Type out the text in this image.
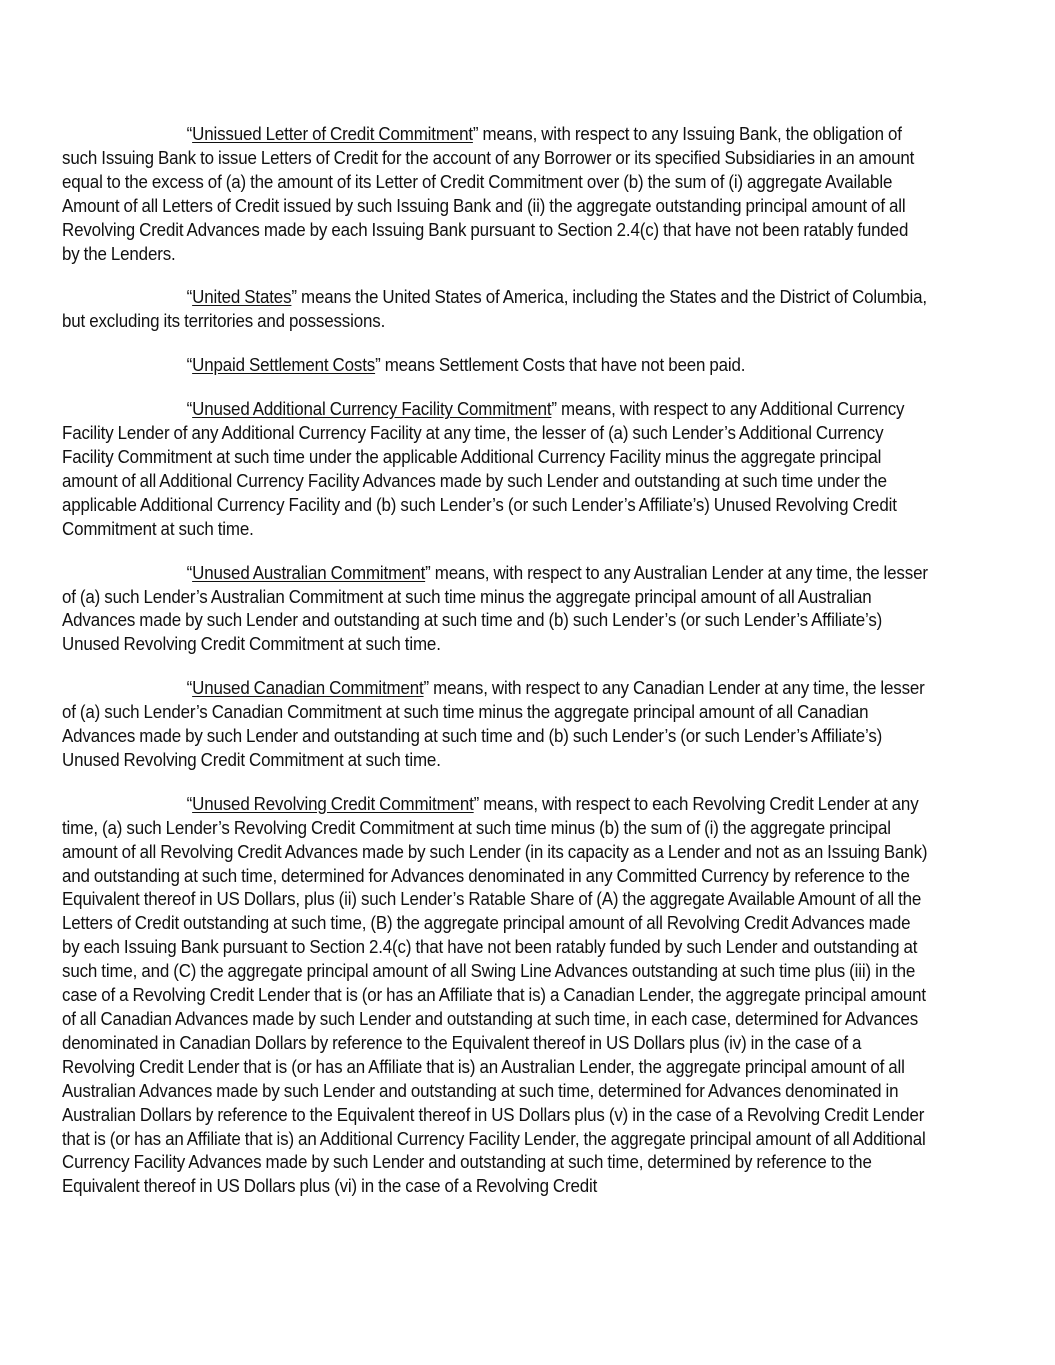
“Unissued Letter of Credit Commitment” means, with respect to any Issuing Bank, the obligation of such Issuing Bank to issue Letters of Credit for the account of any Borrower or its specified Subsidiaries in an amount equal to the excess of (a) the amount of its Letter of Credit Commitment over (b) the sum of (i) aggregate Available Amount of all Letters of Credit issued by such Issuing Bank and (ii) the aggregate outstanding principal amount of all Revolving Credit Advances made by each Issuing Bank pursuant to Section 2.4(c) that have not been ratably funded by the Lenders.

“United States” means the United States of America, including the States and the District of Columbia, but excluding its territories and possessions.

“Unpaid Settlement Costs” means Settlement Costs that have not been paid.

“Unused Additional Currency Facility Commitment” means, with respect to any Additional Currency Facility Lender of any Additional Currency Facility at any time, the lesser of (a) such Lender’s Additional Currency Facility Commitment at such time under the applicable Additional Currency Facility minus the aggregate principal amount of all Additional Currency Facility Advances made by such Lender and outstanding at such time under the applicable Additional Currency Facility and (b) such Lender’s (or such Lender’s Affiliate’s) Unused Revolving Credit Commitment at such time.

“Unused Australian Commitment” means, with respect to any Australian Lender at any time, the lesser of (a) such Lender’s Australian Commitment at such time minus the aggregate principal amount of all Australian Advances made by such Lender and outstanding at such time and (b) such Lender’s (or such Lender’s Affiliate’s) Unused Revolving Credit Commitment at such time.

“Unused Canadian Commitment” means, with respect to any Canadian Lender at any time, the lesser of (a) such Lender’s Canadian Commitment at such time minus the aggregate principal amount of all Canadian Advances made by such Lender and outstanding at such time and (b) such Lender’s (or such Lender’s Affiliate’s) Unused Revolving Credit Commitment at such time.

“Unused Revolving Credit Commitment” means, with respect to each Revolving Credit Lender at any time, (a) such Lender’s Revolving Credit Commitment at such time minus (b) the sum of (i) the aggregate principal amount of all Revolving Credit Advances made by such Lender (in its capacity as a Lender and not as an Issuing Bank) and outstanding at such time, determined for Advances denominated in any Committed Currency by reference to the Equivalent thereof in US Dollars, plus (ii) such Lender’s Ratable Share of (A) the aggregate Available Amount of all the Letters of Credit outstanding at such time, (B) the aggregate principal amount of all Revolving Credit Advances made by each Issuing Bank pursuant to Section 2.4(c) that have not been ratably funded by such Lender and outstanding at such time, and (C) the aggregate principal amount of all Swing Line Advances outstanding at such time plus (iii) in the case of a Revolving Credit Lender that is (or has an Affiliate that is) a Canadian Lender, the aggregate principal amount of all Canadian Advances made by such Lender and outstanding at such time, in each case, determined for Advances denominated in Canadian Dollars by reference to the Equivalent thereof in US Dollars plus (iv) in the case of a Revolving Credit Lender that is (or has an Affiliate that is) an Australian Lender, the aggregate principal amount of all Australian Advances made by such Lender and outstanding at such time, determined for Advances denominated in Australian Dollars by reference to the Equivalent thereof in US Dollars plus (v) in the case of a Revolving Credit Lender that is (or has an Affiliate that is) an Additional Currency Facility Lender, the aggregate principal amount of all Additional Currency Facility Advances made by such Lender and outstanding at such time, determined by reference to the Equivalent thereof in US Dollars plus (vi) in the case of a Revolving Credit
